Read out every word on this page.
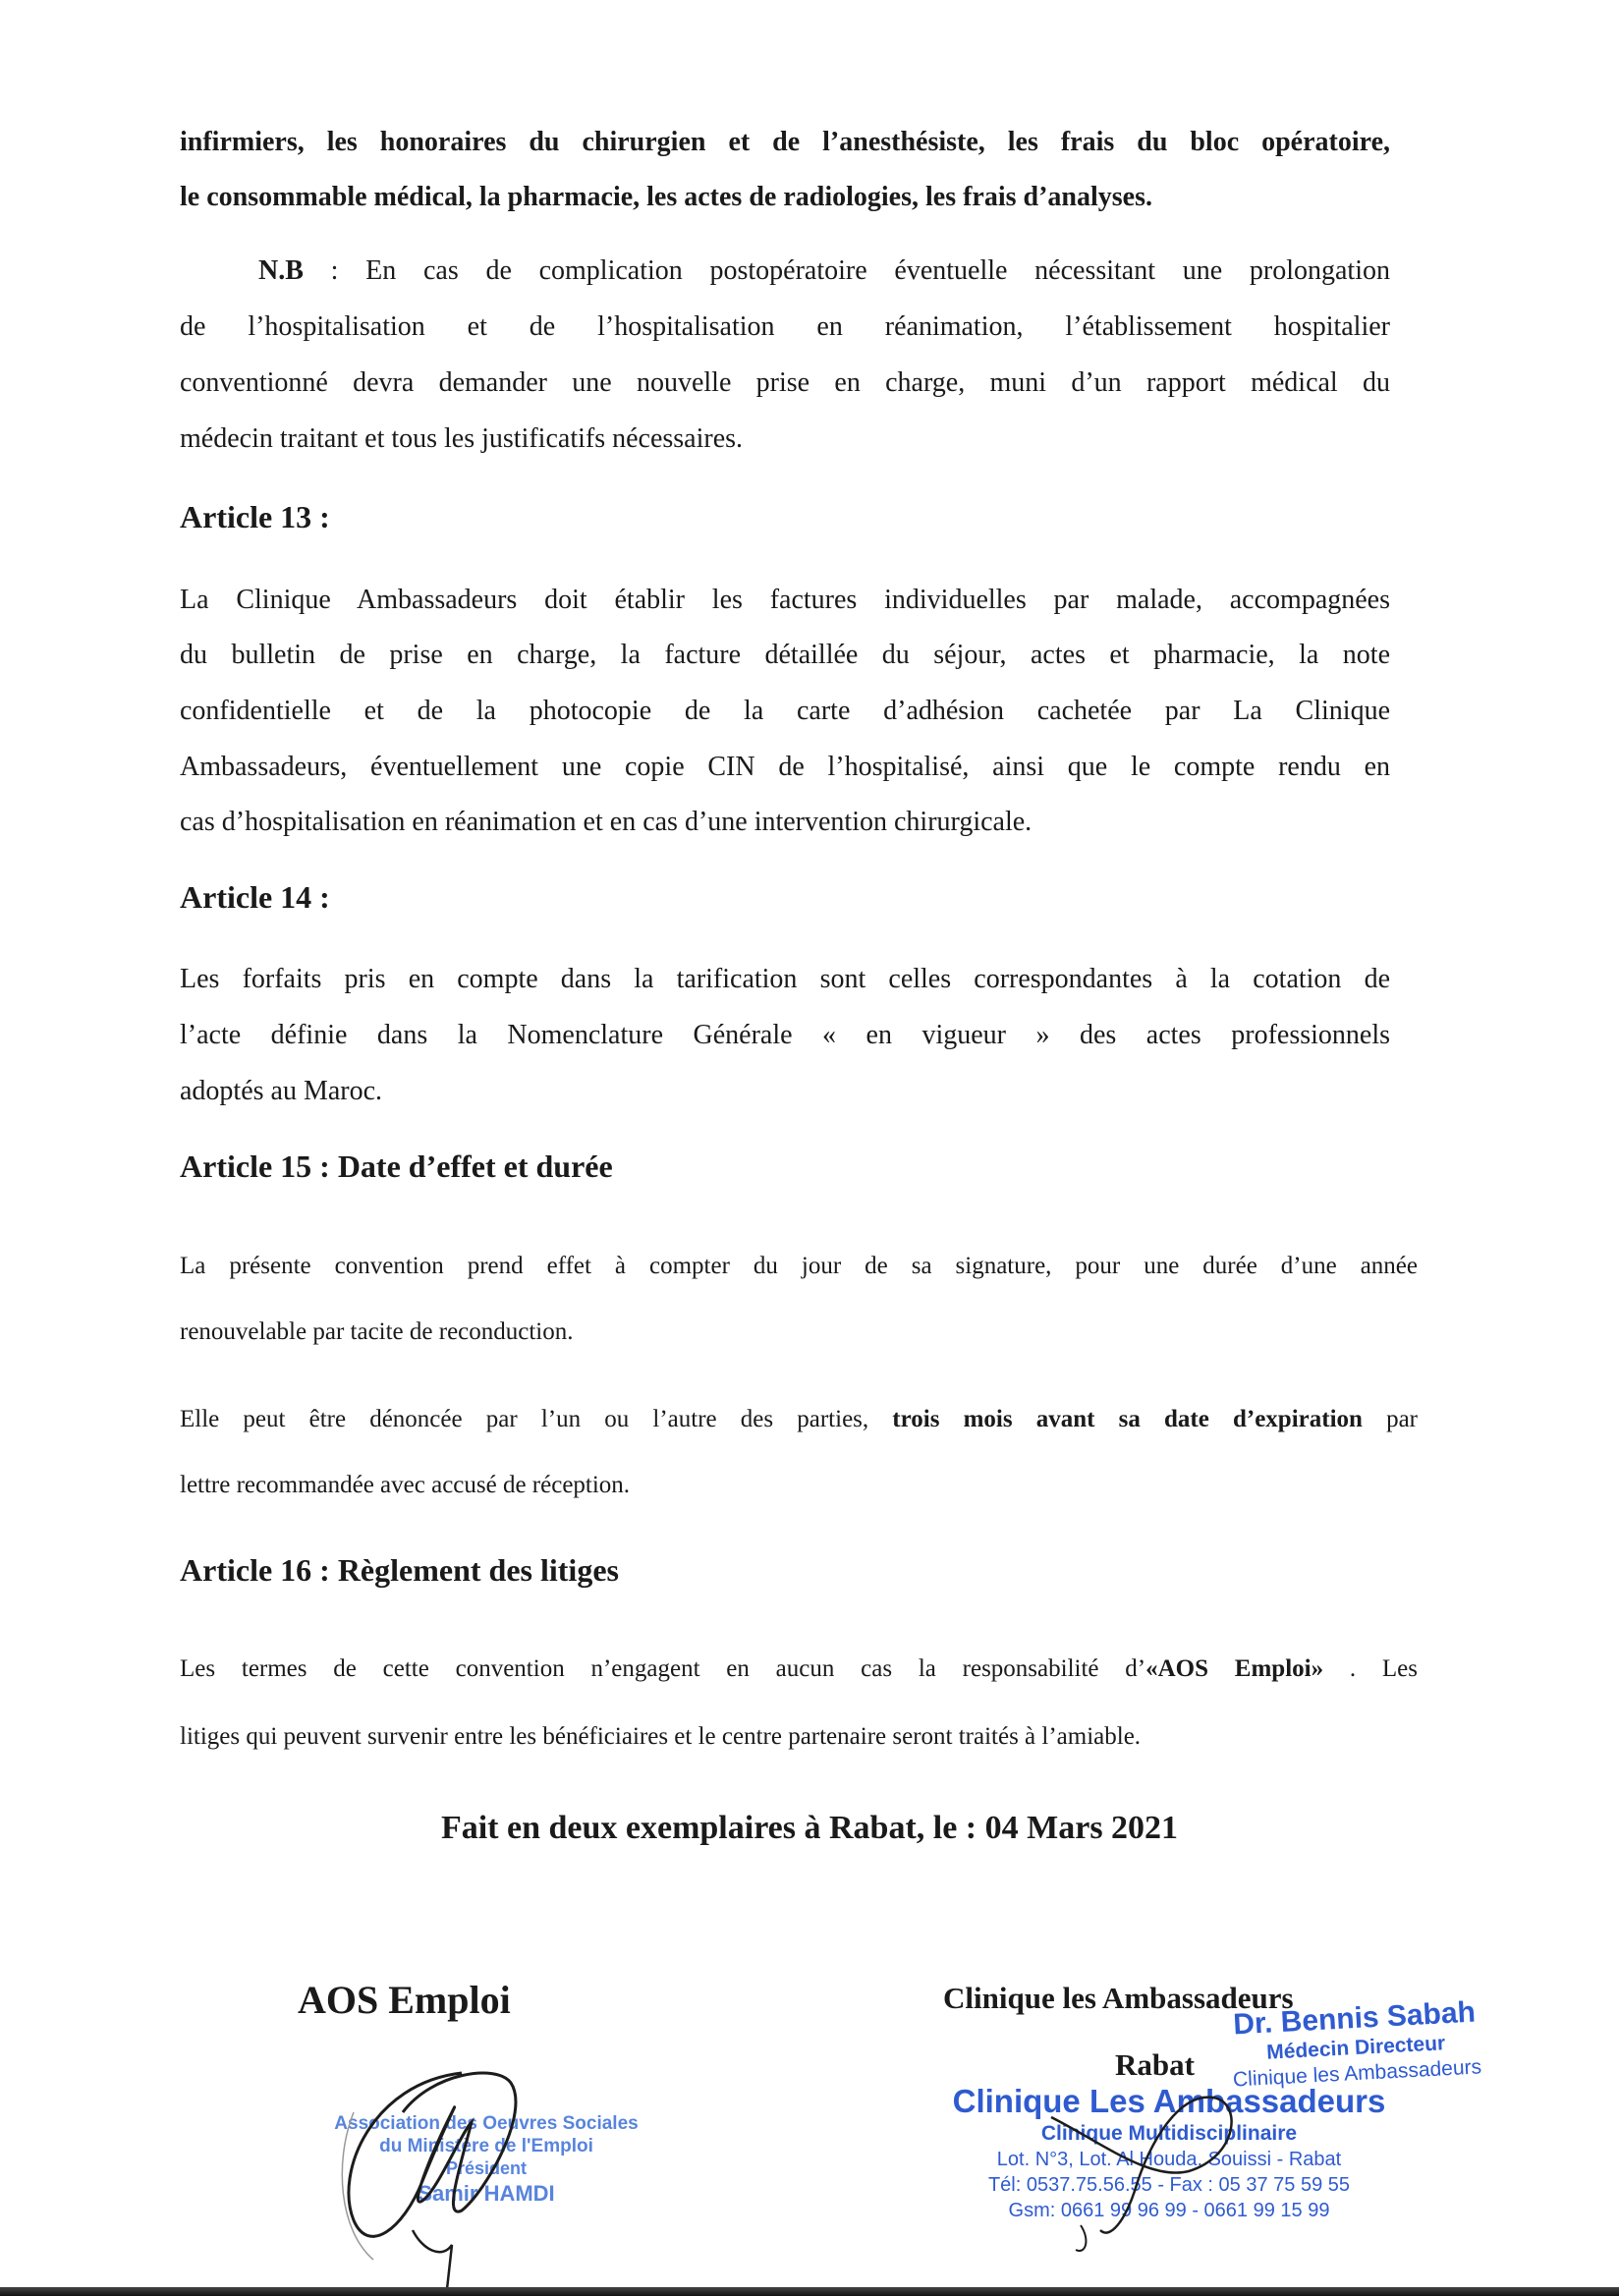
infirmiers, les honoraires du chirurgien et de l’anesthésiste, les frais du bloc opératoire,
le consommable médical, la pharmacie, les actes de radiologies, les frais d’analyses.
N.B : En cas de complication postopératoire éventuelle nécessitant une prolongation
de l’hospitalisation et de l’hospitalisation en réanimation, l’établissement hospitalier
conventionné devra demander une nouvelle prise en charge, muni d’un rapport médical du
médecin traitant et tous les justificatifs nécessaires.
Article 13 :
La Clinique Ambassadeurs doit établir les factures individuelles par malade, accompagnées
du bulletin de prise en charge, la facture détaillée du séjour, actes et pharmacie, la note
confidentielle et de la photocopie de la carte d’adhésion cachetée par La Clinique
Ambassadeurs, éventuellement une copie CIN de l’hospitalisé, ainsi que le compte rendu en
cas d’hospitalisation en réanimation et en cas d’une intervention chirurgicale.
Article 14 :
Les forfaits pris en compte dans la tarification sont celles correspondantes à la cotation de
l’acte définie dans la Nomenclature Générale « en vigueur » des actes professionnels
adoptés au Maroc.
Article 15 : Date d’effet et durée
La présente convention prend effet à compter du jour de sa signature, pour une durée d’une année
renouvelable par tacite de reconduction.
Elle peut être dénoncée par l’un ou l’autre des parties, trois mois avant sa date d’expiration par
lettre recommandée avec accusé de réception.
Article 16 : Règlement des litiges
Les termes de cette convention n’engagent en aucun cas la responsabilité d’«AOS Emploi» . Les
litiges qui peuvent survenir entre les bénéficiaires et le centre partenaire seront traités à l’amiable.
Fait en deux exemplaires à Rabat, le : 04 Mars 2021
AOS Emploi
Association des Oeuvres Sociales
du Ministère de l'Emploi
Président
Samir HAMDI
Clinique les Ambassadeurs
Rabat
Dr. Bennis Sabah
Médecin Directeur
Clinique les Ambassadeurs
Clinique Les Ambassadeurs
Clinique Multidisciplinaire
Lot. N°3, Lot. Al Houda, Souissi - Rabat
Tél: 0537.75.56.55 - Fax : 05 37 75 59 55
Gsm: 0661 99 96 99 - 0661 99 15 99
